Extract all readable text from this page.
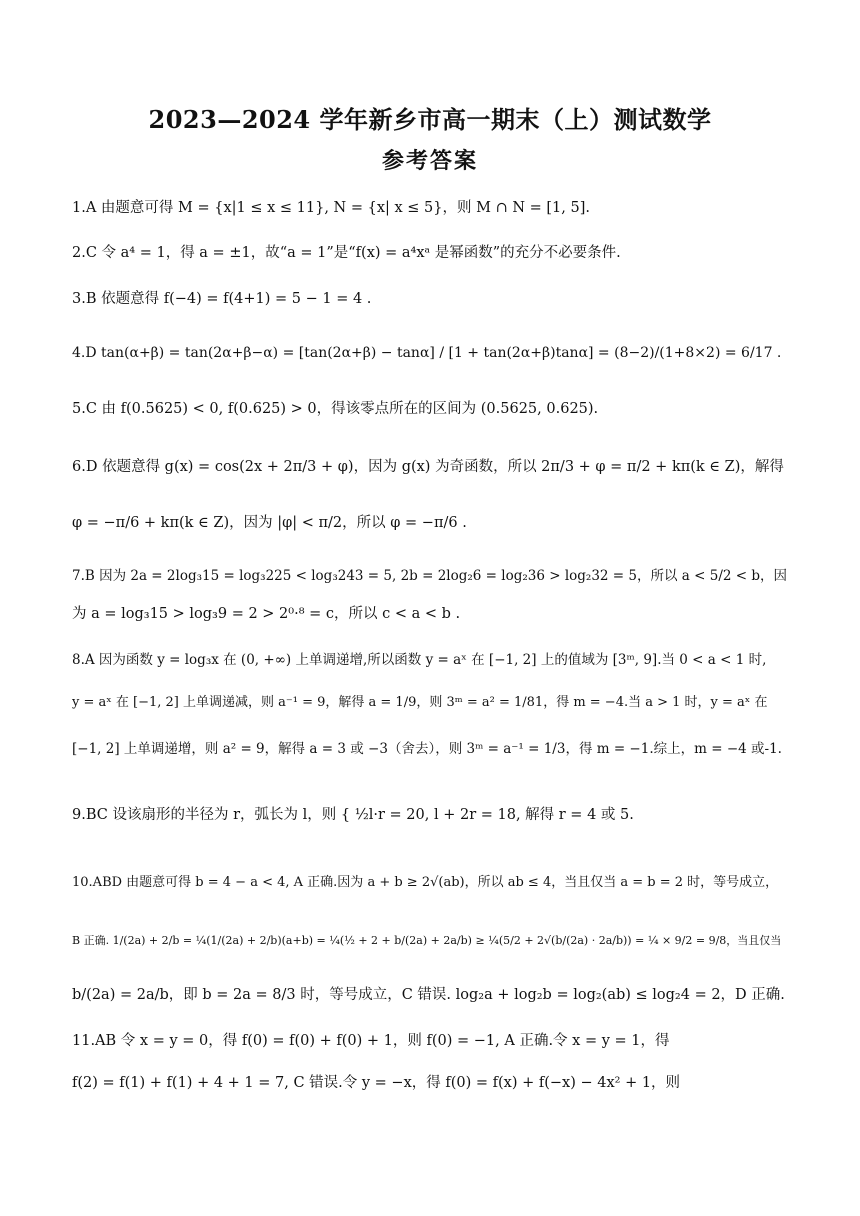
2023—2024 学年新乡市高一期末（上）测试数学
参考答案
1.A 由题意可得 M = {x|1 ≤ x ≤ 11}, N = {x| x ≤ 5}，则 M ∩ N = [1, 5].
2.C 令 a⁴ = 1，得 a = ±1，故“a = 1”是“f(x) = a⁴xᵃ 是幂函数”的充分不必要条件.
3.B 依题意得 f(−4) = f(4+1) = 5 − 1 = 4 .
4.D tan(α+β) = tan(2α+β−α) = [tan(2α+β) − tanα] / [1 + tan(2α+β)tanα] = (8−2)/(1+8×2) = 6/17 .
5.C 由 f(0.5625) < 0, f(0.625) > 0，得该零点所在的区间为 (0.5625, 0.625).
6.D 依题意得 g(x) = cos(2x + 2π/3 + φ)，因为 g(x) 为奇函数，所以 2π/3 + φ = π/2 + kπ(k ∈ Z)，解得
φ = −π/6 + kπ(k ∈ Z)，因为 |φ| < π/2，所以 φ = −π/6 .
7.B 因为 2a = 2log₃15 = log₃225 < log₃243 = 5, 2b = 2log₂6 = log₂36 > log₂32 = 5，所以 a < 5/2 < b，因
为 a = log₃15 > log₃9 = 2 > 2⁰·⁸ = c，所以 c < a < b .
8.A 因为函数 y = log₃x 在 (0, +∞) 上单调递增,所以函数 y = aˣ 在 [−1, 2] 上的值域为 [3ᵐ, 9].当 0 < a < 1 时,
y = aˣ 在 [−1, 2] 上单调递减，则 a⁻¹ = 9，解得 a = 1/9，则 3ᵐ = a² = 1/81，得 m = −4.当 a > 1 时，y = aˣ 在
[−1, 2] 上单调递增，则 a² = 9，解得 a = 3 或 −3（舍去），则 3ᵐ = a⁻¹ = 1/3，得 m = −1.综上，m = −4 或-1.
9.BC 设该扇形的半径为 r，弧长为 l，则 { ½l·r = 20, l + 2r = 18, 解得 r = 4 或 5.
10.ABD 由题意可得 b = 4 − a < 4, A 正确.因为 a + b ≥ 2√(ab)，所以 ab ≤ 4，当且仅当 a = b = 2 时，等号成立，
B 正确. 1/(2a) + 2/b = ¼(1/(2a) + 2/b)(a+b) = ¼(½ + 2 + b/(2a) + 2a/b) ≥ ¼(5/2 + 2√(b/(2a) · 2a/b)) = ¼ × 9/2 = 9/8，当且仅当
b/(2a) = 2a/b，即 b = 2a = 8/3 时，等号成立，C 错误. log₂a + log₂b = log₂(ab) ≤ log₂4 = 2，D 正确.
11.AB 令 x = y = 0，得 f(0) = f(0) + f(0) + 1，则 f(0) = −1, A 正确.令 x = y = 1，得
f(2) = f(1) + f(1) + 4 + 1 = 7, C 错误.令 y = −x，得 f(0) = f(x) + f(−x) − 4x² + 1，则
